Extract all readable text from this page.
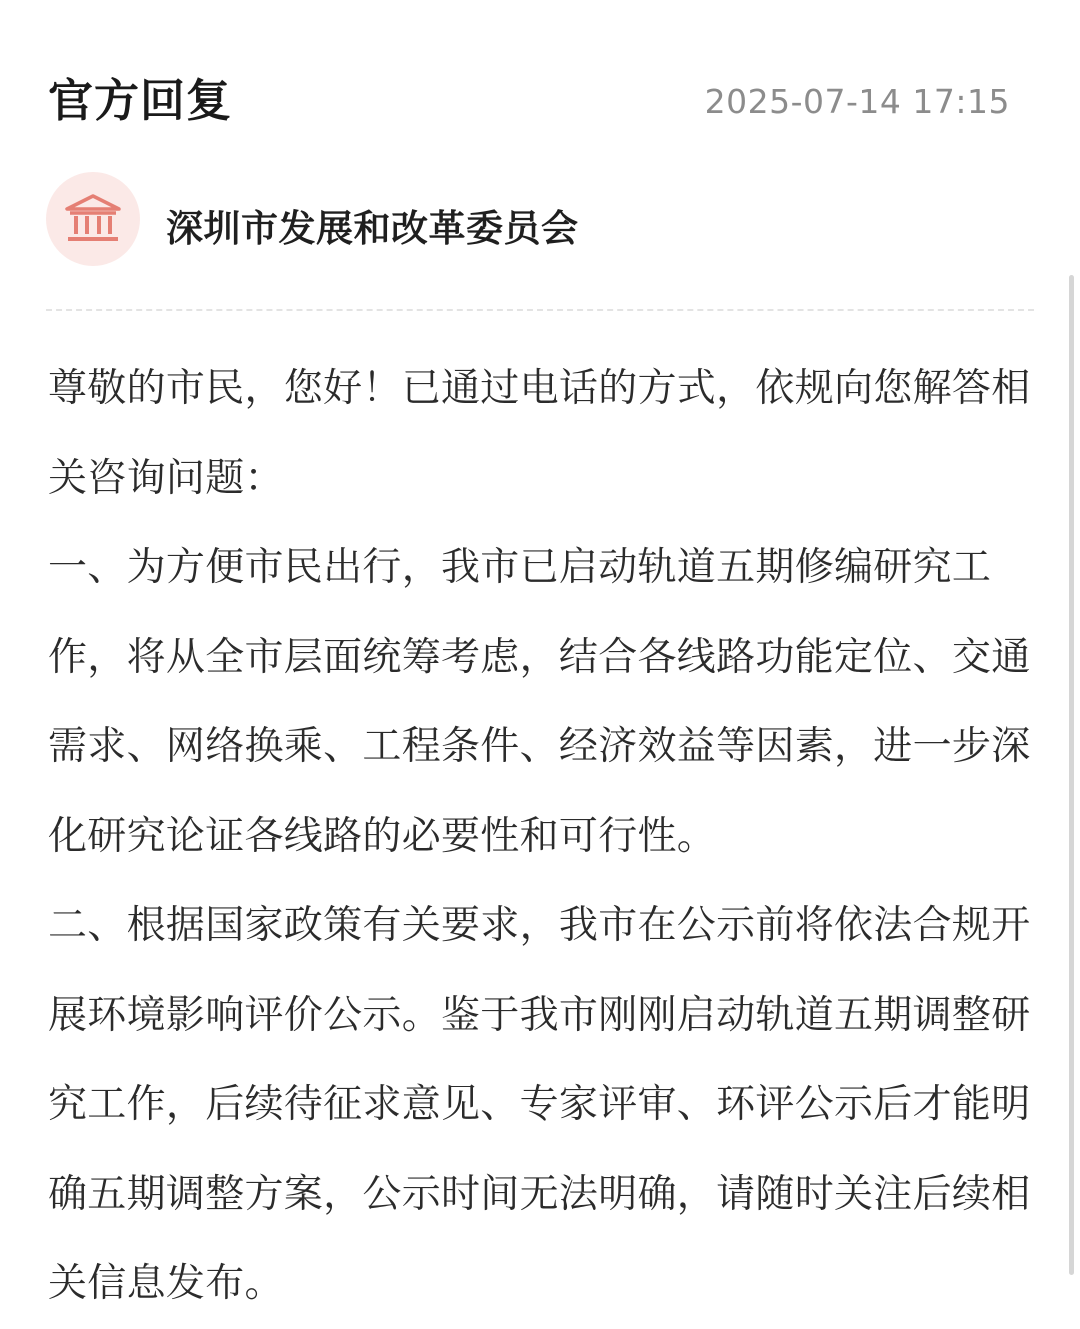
官方回复	2025-07-14 17:15
深圳市发展和改革委员会
尊敬的市民，您好！已通过电话的方式，依规向您解答相关咨询问题：
一、为方便市民出行，我市已启动轨道五期修编研究工作，将从全市层面统筹考虑，结合各线路功能定位、交通需求、网络换乘、工程条件、经济效益等因素，进一步深化研究论证各线路的必要性和可行性。
二、根据国家政策有关要求，我市在公示前将依法合规开展环境影响评价公示。鉴于我市刚刚启动轨道五期调整研究工作，后续待征求意见、专家评审、环评公示后才能明确五期调整方案，公示时间无法明确，请随时关注后续相关信息发布。
